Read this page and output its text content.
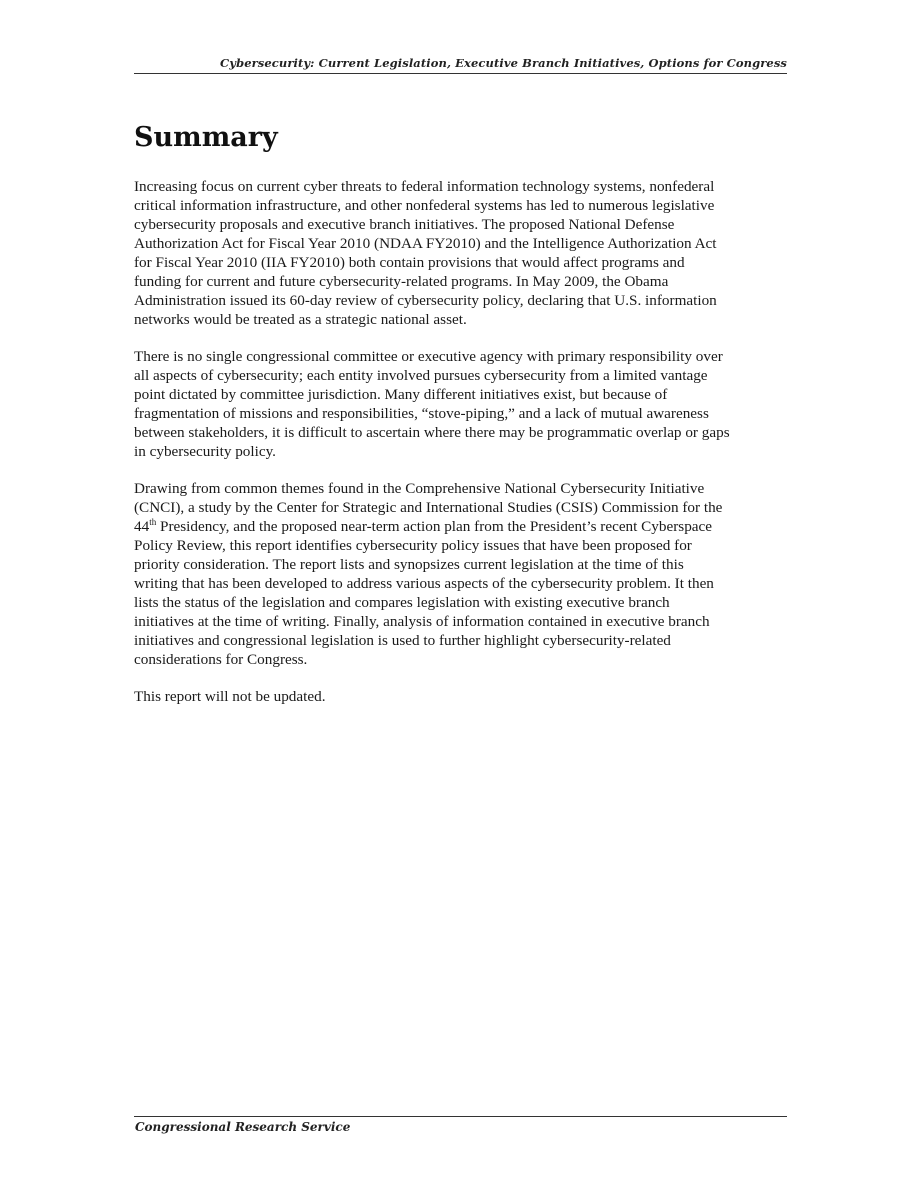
Cybersecurity: Current Legislation, Executive Branch Initiatives, Options for Congress
Summary

Increasing focus on current cyber threats to federal information technology systems, nonfederal
critical information infrastructure, and other nonfederal systems has led to numerous legislative
cybersecurity proposals and executive branch initiatives. The proposed National Defense
Authorization Act for Fiscal Year 2010 (NDAA FY2010) and the Intelligence Authorization Act
for Fiscal Year 2010 (IIA FY2010) both contain provisions that would affect programs and
funding for current and future cybersecurity-related programs. In May 2009, the Obama
Administration issued its 60-day review of cybersecurity policy, declaring that U.S. information
networks would be treated as a strategic national asset.

There is no single congressional committee or executive agency with primary responsibility over
all aspects of cybersecurity; each entity involved pursues cybersecurity from a limited vantage
point dictated by committee jurisdiction. Many different initiatives exist, but because of
fragmentation of missions and responsibilities, “stove-piping,” and a lack of mutual awareness
between stakeholders, it is difficult to ascertain where there may be programmatic overlap or gaps
in cybersecurity policy.

Drawing from common themes found in the Comprehensive National Cybersecurity Initiative
(CNCI), a study by the Center for Strategic and International Studies (CSIS) Commission for the
44th Presidency, and the proposed near-term action plan from the President’s recent Cyberspace
Policy Review, this report identifies cybersecurity policy issues that have been proposed for
priority consideration. The report lists and synopsizes current legislation at the time of this
writing that has been developed to address various aspects of the cybersecurity problem. It then
lists the status of the legislation and compares legislation with existing executive branch
initiatives at the time of writing. Finally, analysis of information contained in executive branch
initiatives and congressional legislation is used to further highlight cybersecurity-related
considerations for Congress.

This report will not be updated.

Congressional Research Service
